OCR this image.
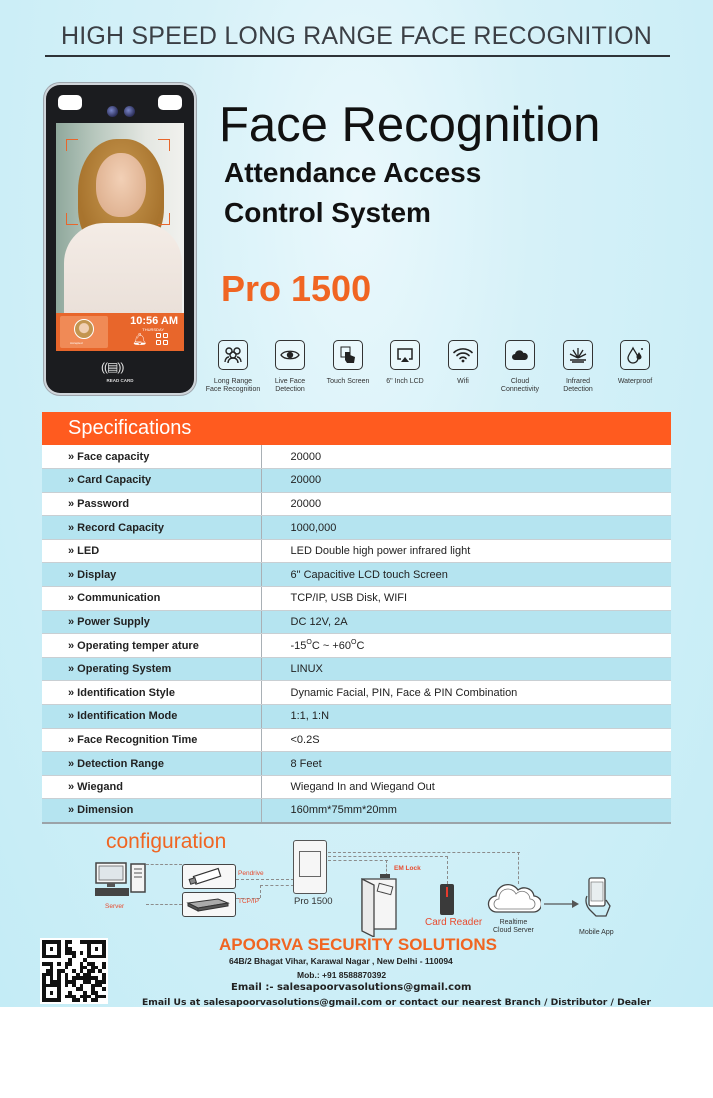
HIGH SPEED LONG RANGE FACE RECOGNITION
Accepted
10:56 AM
THURSDAY
🔔︎
((▤))
READ CARD
Face Recognition
Attendance Access
Control System
Pro 1500
Long Range
Face Recognition
Live Face
Detection
Touch Screen	6" Inch LCD	Wifi	Cloud
Connectivity
Infrared
Detection
Waterproof
Specifications
» Face capacity	20000
» Card Capacity	20000
» Password	20000
» Record Capacity	1000,000
» LED	LED Double high power infrared light
» Display	6" Capacitive LCD touch Screen
» Communication	TCP/IP, USB Disk, WIFI
» Power Supply	DC 12V, 2A
» Operating temper ature	$-15^OC$ ~ $+60^OC$
» Operating System	LINUX
» Identification Style	Dynamic Facial, PIN, Face & PIN Combination
» Identification Mode	1:1, 1:N
» Face Recognition Time	<0.2S
» Detection Range	8 Feet
» Wiegand	Wiegand In and Wiegand Out
» Dimension	160mm*75mm*20mm
configuration
Server
Pendrive
TCP/IP	Pro 1500
EM Lock
Card Reader	Realtime
Cloud Server	Mobile App
APOORVA SECURITY SOLUTIONS
64B/2 Bhagat Vihar, Karawal Nagar , New Delhi - 110094
Mob.: +91 8588870392
Email :- salesapoorvasolutions@gmail.com
Email Us at salesapoorvasolutions@gmail.com or contact our nearest Branch / Distributor / Dealer
